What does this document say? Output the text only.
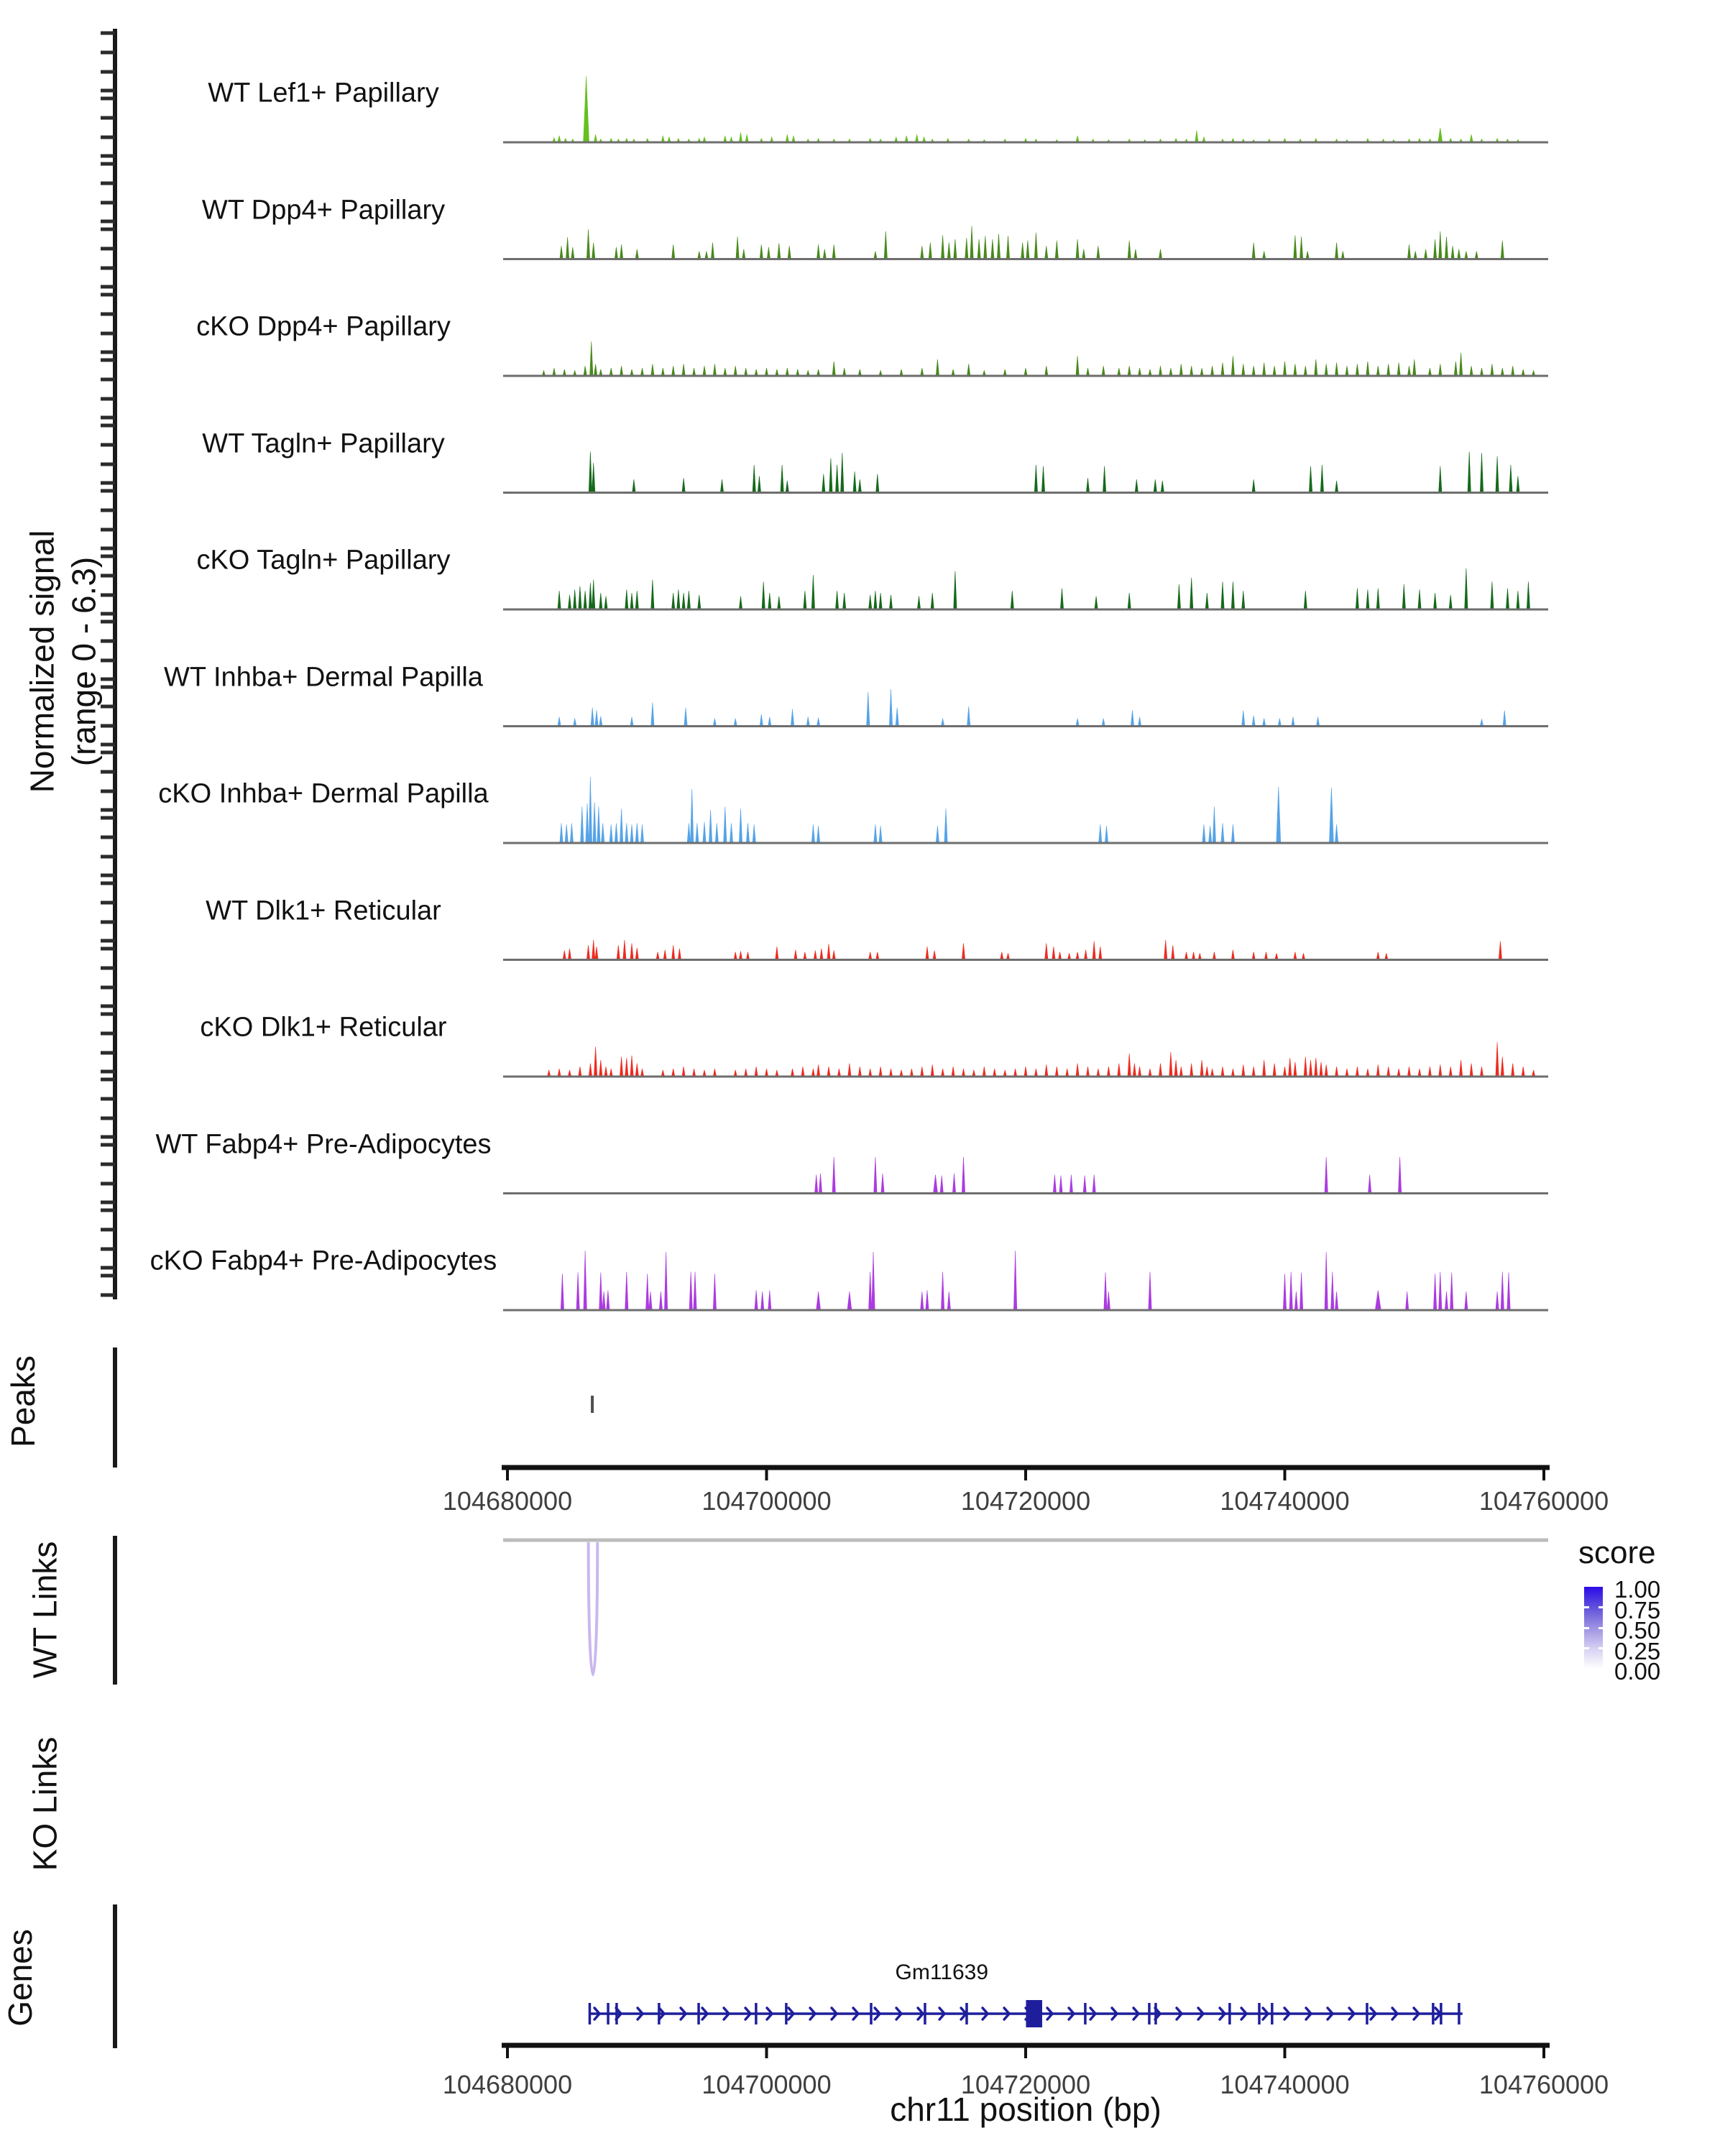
Normalized signal (range 0 - 6.3)
Peaks
WT Links
KO Links
Genes
score
1.00
0.75
0.50
0.25
0.00
WT Lef1+ Papillary
WT Dpp4+ Papillary
cKO Dpp4+ Papillary
WT Tagln+ Papillary
cKO Tagln+ Papillary
WT Inhba+ Dermal Papilla
cKO Inhba+ Dermal Papilla
WT Dlk1+ Reticular
cKO Dlk1+ Reticular
WT Fabp4+ Pre-Adipocytes
cKO Fabp4+ Pre-Adipocytes
104680000	104700000	104720000	104740000	104760000
104680000	104700000	104720000	104740000	104760000
Gm11639
chr11 position (bp)
